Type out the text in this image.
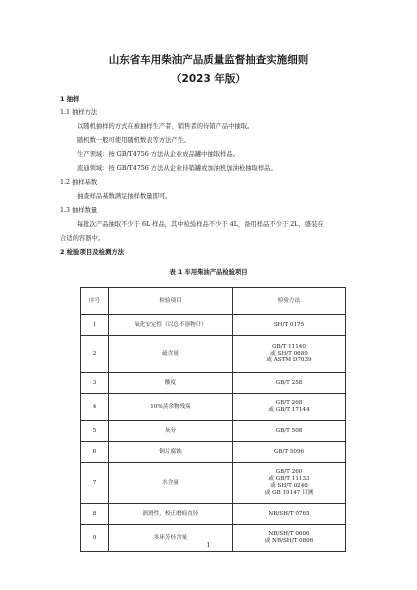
山东省车用柴油产品质量监督抽查实施细则
（2023 年版）
1 抽样
1.1 抽样方法
以随机抽样的方式在被抽样生产者、销售者的待销产品中抽取。
随机数一般可使用随机数表等方法产生。
生产领域：按 GB/T4756 方法从企业成品罐中抽取样品。
流通领域：按 GB/T4756 方法从企业待销罐或加油机加油枪抽取样品。
1.2 抽样基数
抽查样品基数满足抽样数量即可。
1.3 抽样数量
每批次产品抽取不少于 6L 样品，其中检验样品不少于 4L，备用样品不少于 2L，盛装在
合适的容器中。
2 检验项目及检测方法
表 1 车用柴油产品检验项目
序号	检验项目	检验方法
1	氧化安定性（以总不溶物计）	SH/T 0175

2	硫含量	GB/T 11140
或 SH/T 0689
或 ASTM D7039

3	酸度	GB/T 258

4	10%蒸余物残炭	GB/T 268
或 GB/T 17144

5	灰分	GB/T 508

6	铜片腐蚀	GB/T 5096

7	水含量	GB/T 260
或 GB/T 11133
或 SH/T 0246
或 GB 19147 目测

8	润滑性，校正磨痕直径	NB/SH/T 0765

9	多环芳烃含量	NB/SH/T 0606
或 NB/SH/T 0806
1
